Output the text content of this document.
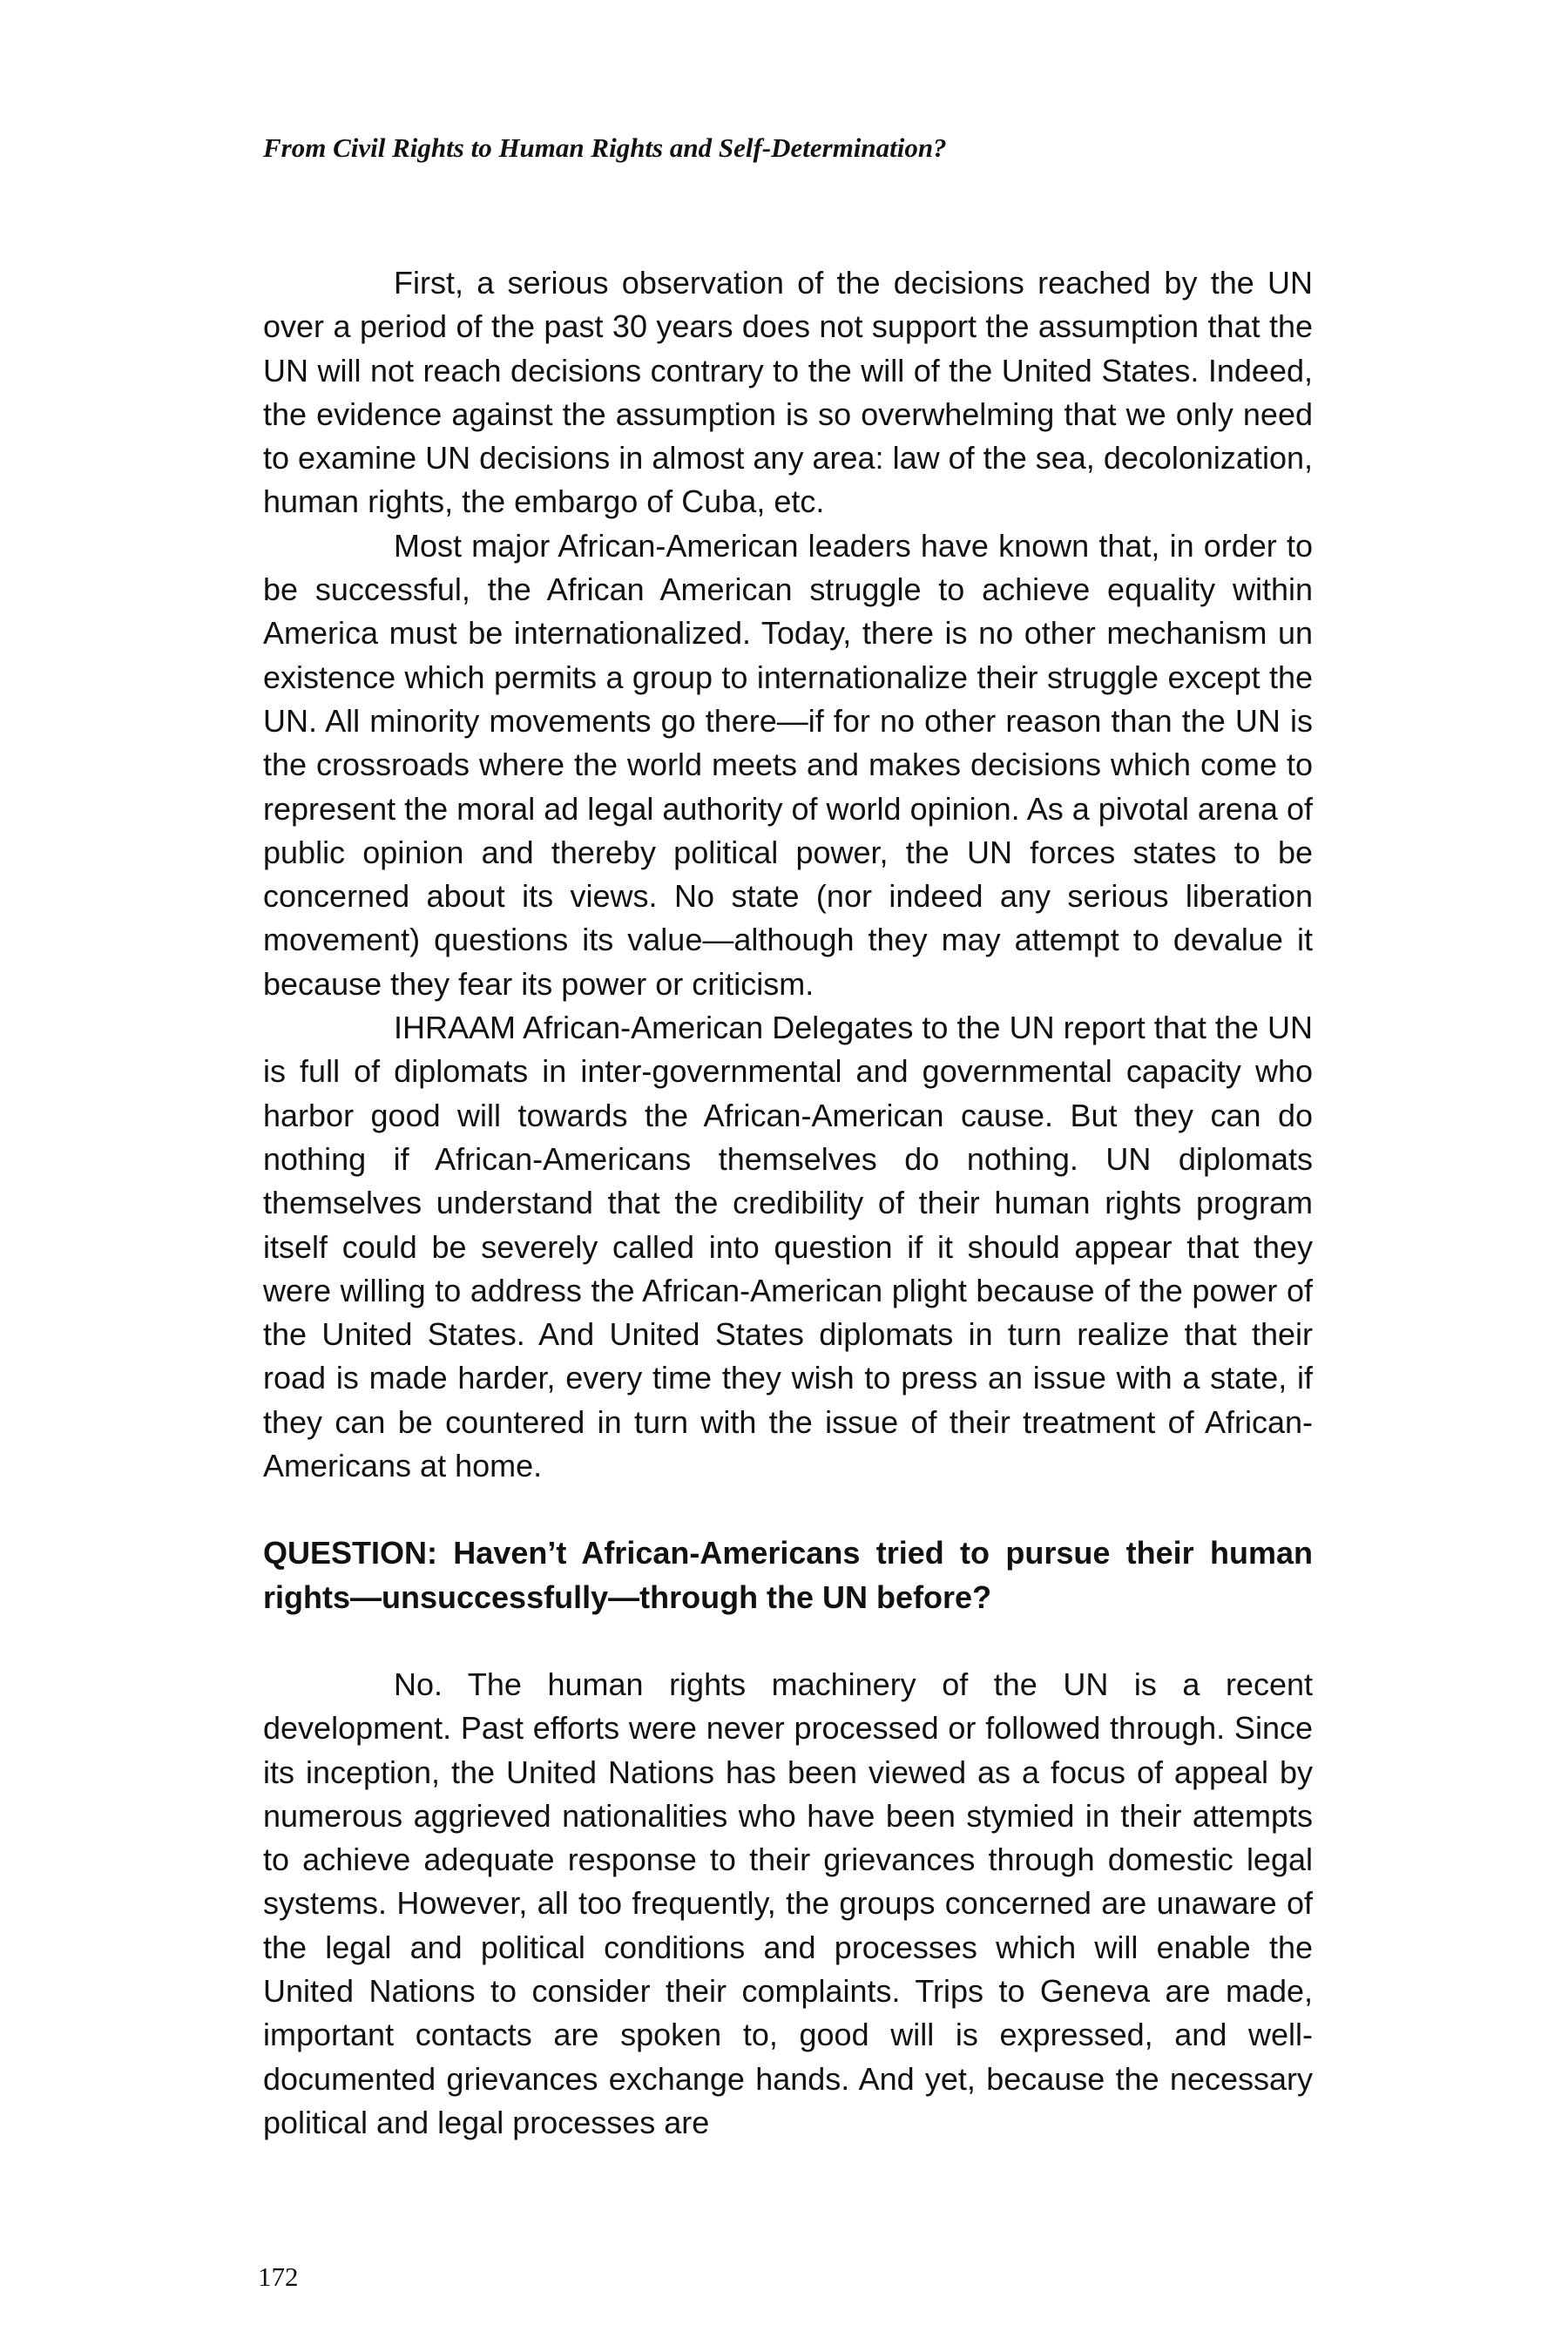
From Civil Rights to Human Rights and Self-Determination?

First, a serious observation of the decisions reached by the UN over a period of the past 30 years does not support the assumption that the UN will not reach decisions contrary to the will of the United States. Indeed, the evidence against the assumption is so overwhelming that we only need to examine UN decisions in almost any area: law of the sea, decolonization, human rights, the embargo of Cuba, etc.

Most major African-American leaders have known that, in order to be successful, the African American struggle to achieve equality within America must be internationalized. Today, there is no other mechanism un existence which permits a group to internationalize their struggle except the UN. All minority movements go there—if for no other reason than the UN is the crossroads where the world meets and makes decisions which come to represent the moral ad legal authority of world opinion. As a pivotal arena of public opinion and thereby political power, the UN forces states to be concerned about its views. No state (nor indeed any serious liberation movement) questions its value—although they may attempt to devalue it because they fear its power or criticism.

IHRAAM African-American Delegates to the UN report that the UN is full of diplomats in inter-governmental and governmental capacity who harbor good will towards the African-American cause. But they can do nothing if African-Americans themselves do nothing. UN diplomats themselves understand that the credibility of their human rights program itself could be severely called into question if it should appear that they were willing to address the African-American plight because of the power of the United States. And United States diplomats in turn realize that their road is made harder, every time they wish to press an issue with a state, if they can be countered in turn with the issue of their treatment of African-Americans at home.

QUESTION: Haven’t African-Americans tried to pursue their human rights—unsuccessfully—through the UN before?

No. The human rights machinery of the UN is a recent development. Past efforts were never processed or followed through. Since its inception, the United Nations has been viewed as a focus of appeal by numerous aggrieved nationalities who have been stymied in their attempts to achieve adequate response to their grievances through domestic legal systems. However, all too frequently, the groups concerned are unaware of the legal and political conditions and processes which will enable the United Nations to consider their complaints. Trips to Geneva are made, important contacts are spoken to, good will is expressed, and well-documented grievances exchange hands. And yet, because the necessary political and legal processes are

172
